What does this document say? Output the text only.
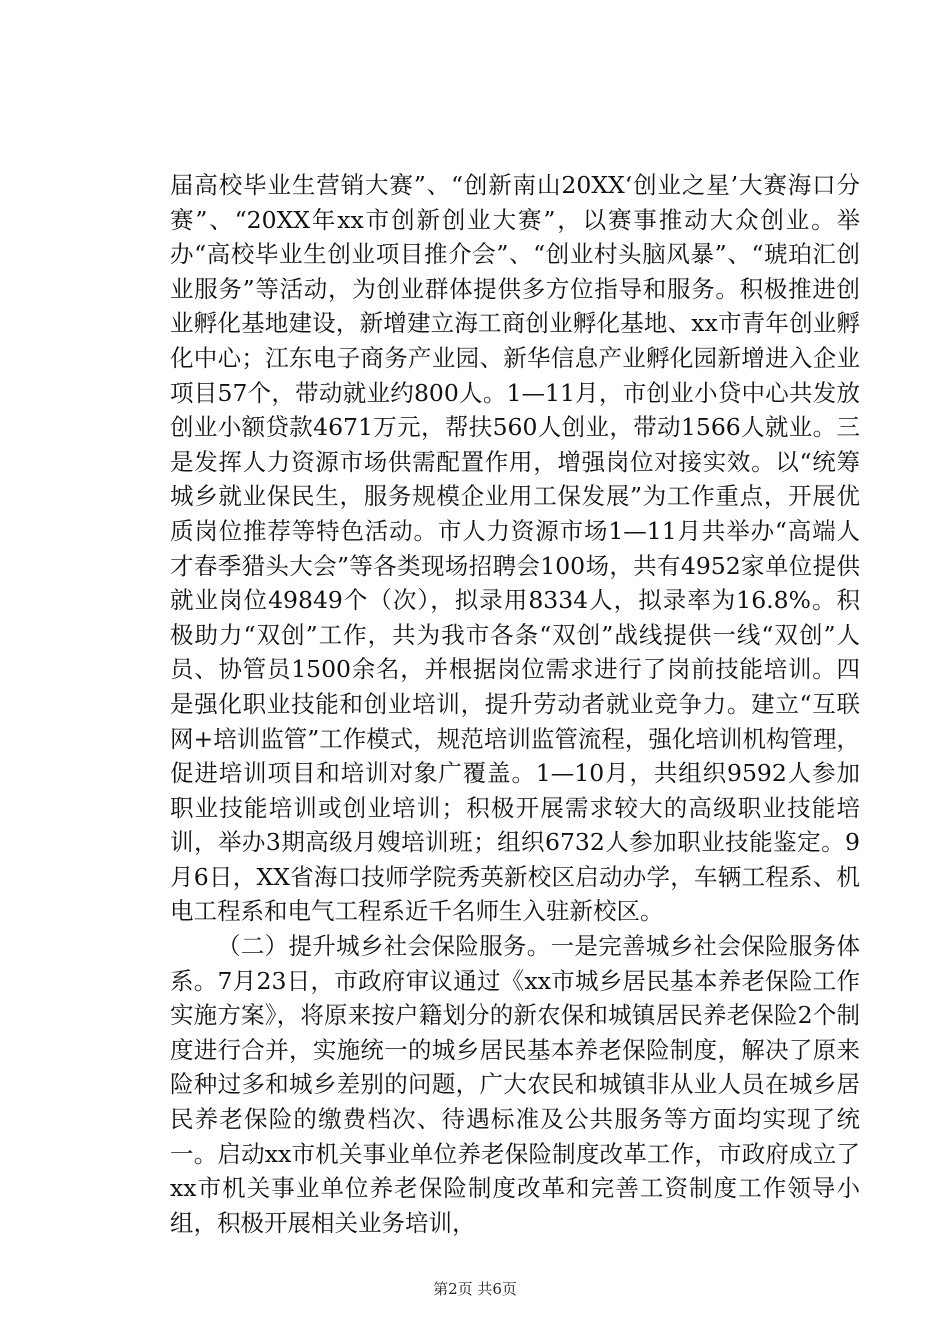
届高校毕业生营销大赛”、“创新南山20XX‘创业之星’大赛海口分赛”、“20XX年xx市创新创业大赛”，以赛事推动大众创业。举办“高校毕业生创业项目推介会”、“创业村头脑风暴”、“琥珀汇创业服务”等活动，为创业群体提供多方位指导和服务。积极推进创业孵化基地建设，新增建立海工商创业孵化基地、xx市青年创业孵化中心；江东电子商务产业园、新华信息产业孵化园新增进入企业项目57个，带动就业约800人。1—11月，市创业小贷中心共发放创业小额贷款4671万元，帮扶560人创业，带动1566人就业。三是发挥人力资源市场供需配置作用，增强岗位对接实效。以“统筹城乡就业保民生，服务规模企业用工保发展”为工作重点，开展优质岗位推荐等特色活动。市人力资源市场1—11月共举办“高端人才春季猎头大会”等各类现场招聘会100场，共有4952家单位提供就业岗位49849个（次），拟录用8334人，拟录率为16.8%。积极助力“双创”工作，共为我市各条“双创”战线提供一线“双创”人员、协管员1500余名，并根据岗位需求进行了岗前技能培训。四是强化职业技能和创业培训，提升劳动者就业竞争力。建立“互联网+培训监管”工作模式，规范培训监管流程，强化培训机构管理，促进培训项目和培训对象广覆盖。1—10月，共组织9592人参加职业技能培训或创业培训；积极开展需求较大的高级职业技能培训，举办3期高级月嫂培训班；组织6732人参加职业技能鉴定。9月6日，XX省海口技师学院秀英新校区启动办学，车辆工程系、机电工程系和电气工程系近千名师生入驻新校区。

（二）提升城乡社会保险服务。一是完善城乡社会保险服务体系。7月23日，市政府审议通过《xx市城乡居民基本养老保险工作实施方案》，将原来按户籍划分的新农保和城镇居民养老保险2个制度进行合并，实施统一的城乡居民基本养老保险制度，解决了原来险种过多和城乡差别的问题，广大农民和城镇非从业人员在城乡居民养老保险的缴费档次、待遇标准及公共服务等方面均实现了统一。启动xx市机关事业单位养老保险制度改革工作，市政府成立了xx市机关事业单位养老保险制度改革和完善工资制度工作领导小组，积极开展相关业务培训，

第2页 共6页
